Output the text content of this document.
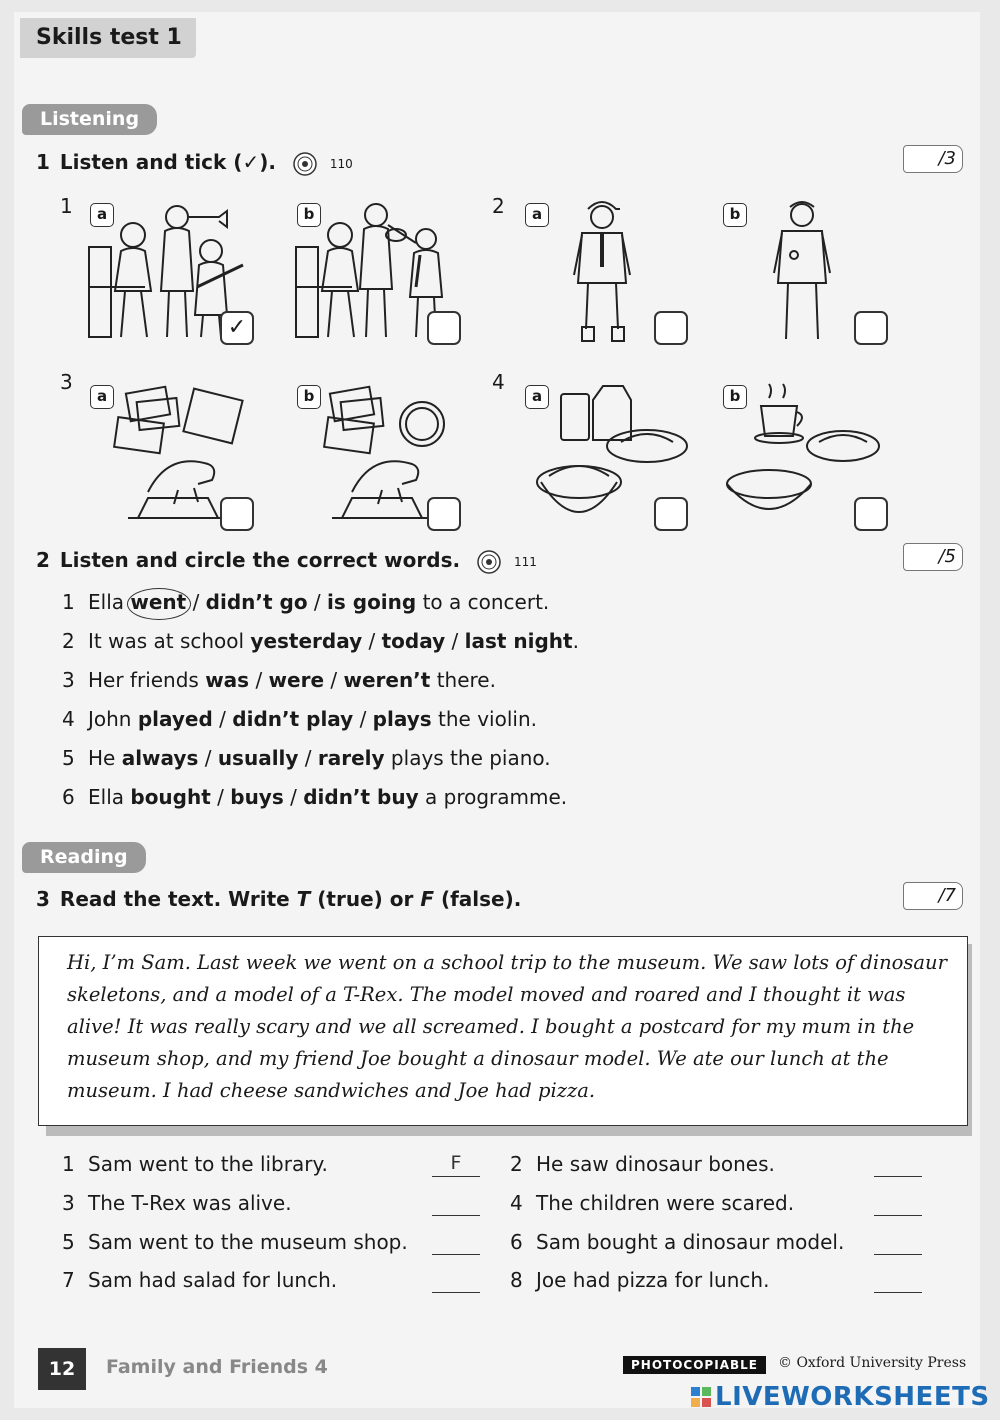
Skills test 1
Listening
1 Listen and tick (✓).	110	/3
1	a
✓
b	2	a	b
3
a	b
4
a	b
2 Listen and circle the correct words.	111	/5
1 Ella went / didn’t go / is going to a concert.
2 It was at school yesterday / today / last night.
3 Her friends was / were / weren’t there.
4 John played / didn’t play / plays the violin.
5 He always / usually / rarely plays the piano.
6 Ella bought / buys / didn’t buy a programme.
Reading
3 Read the text. Write T (true) or F (false).	/7

Hi, I’m Sam. Last week we went on a school trip to the museum. We saw lots of dinosaur skeletons, and a model of a T-Rex. The model moved and roared and I thought it was alive! It was really scary and we all screamed. I bought a postcard for my mum in the museum shop, and my friend Joe bought a dinosaur model. We ate our lunch at the museum. I had cheese sandwiches and Joe had pizza.

1 Sam went to the library.	F	2 He saw dinosaur bones.
3 The T-Rex was alive.	4 The children were scared.
5 Sam went to the museum shop.	6 Sam bought a dinosaur model.
7 Sam had salad for lunch.	8 Joe had pizza for lunch.
12	Family and Friends 4	PHOTOCOPIABLE	© Oxford University Press
LIVEWORKSHEETS
